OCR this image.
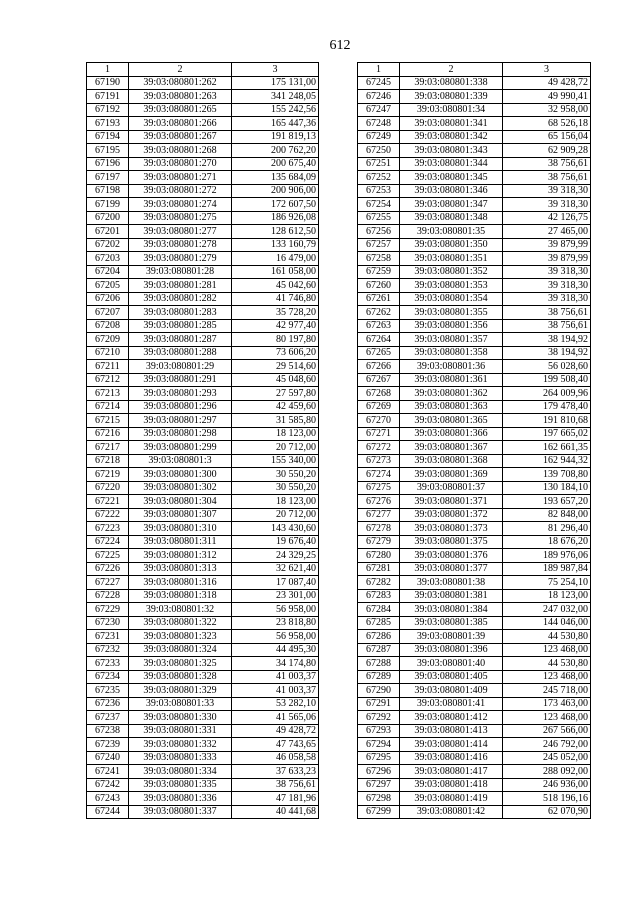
612
1	2	3
67190	39:03:080801:262	175 131,00
67191	39:03:080801:263	341 248,05
67192	39:03:080801:265	155 242,56
67193	39:03:080801:266	165 447,36
67194	39:03:080801:267	191 819,13
67195	39:03:080801:268	200 762,20
67196	39:03:080801:270	200 675,40
67197	39:03:080801:271	135 684,09
67198	39:03:080801:272	200 906,00
67199	39:03:080801:274	172 607,50
67200	39:03:080801:275	186 926,08
67201	39:03:080801:277	128 612,50
67202	39:03:080801:278	133 160,79
67203	39:03:080801:279	16 479,00
67204	39:03:080801:28	161 058,00
67205	39:03:080801:281	45 042,60
67206	39:03:080801:282	41 746,80
67207	39:03:080801:283	35 728,20
67208	39:03:080801:285	42 977,40
67209	39:03:080801:287	80 197,80
67210	39:03:080801:288	73 606,20
67211	39:03:080801:29	29 514,60
67212	39:03:080801:291	45 048,60
67213	39:03:080801:293	27 597,80
67214	39:03:080801:296	42 459,60
67215	39:03:080801:297	31 585,80
67216	39:03:080801:298	18 123,00
67217	39:03:080801:299	20 712,00
67218	39:03:080801:3	155 340,00
67219	39:03:080801:300	30 550,20
67220	39:03:080801:302	30 550,20
67221	39:03:080801:304	18 123,00
67222	39:03:080801:307	20 712,00
67223	39:03:080801:310	143 430,60
67224	39:03:080801:311	19 676,40
67225	39:03:080801:312	24 329,25
67226	39:03:080801:313	32 621,40
67227	39:03:080801:316	17 087,40
67228	39:03:080801:318	23 301,00
67229	39:03:080801:32	56 958,00
67230	39:03:080801:322	23 818,80
67231	39:03:080801:323	56 958,00
67232	39:03:080801:324	44 495,30
67233	39:03:080801:325	34 174,80
67234	39:03:080801:328	41 003,37
67235	39:03:080801:329	41 003,37
67236	39:03:080801:33	53 282,10
67237	39:03:080801:330	41 565,06
67238	39:03:080801:331	49 428,72
67239	39:03:080801:332	47 743,65
67240	39:03:080801:333	46 058,58
67241	39:03:080801:334	37 633,23
67242	39:03:080801:335	38 756,61
67243	39:03:080801:336	47 181,96
67244	39:03:080801:337	40 441,68
1	2	3
67245	39:03:080801:338	49 428,72
67246	39:03:080801:339	49 990,41
67247	39:03:080801:34	32 958,00
67248	39:03:080801:341	68 526,18
67249	39:03:080801:342	65 156,04
67250	39:03:080801:343	62 909,28
67251	39:03:080801:344	38 756,61
67252	39:03:080801:345	38 756,61
67253	39:03:080801:346	39 318,30
67254	39:03:080801:347	39 318,30
67255	39:03:080801:348	42 126,75
67256	39:03:080801:35	27 465,00
67257	39:03:080801:350	39 879,99
67258	39:03:080801:351	39 879,99
67259	39:03:080801:352	39 318,30
67260	39:03:080801:353	39 318,30
67261	39:03:080801:354	39 318,30
67262	39:03:080801:355	38 756,61
67263	39:03:080801:356	38 756,61
67264	39:03:080801:357	38 194,92
67265	39:03:080801:358	38 194,92
67266	39:03:080801:36	56 028,60
67267	39:03:080801:361	199 508,40
67268	39:03:080801:362	264 009,96
67269	39:03:080801:363	179 478,40
67270	39:03:080801:365	191 810,68
67271	39:03:080801:366	197 665,02
67272	39:03:080801:367	162 661,35
67273	39:03:080801:368	162 944,32
67274	39:03:080801:369	139 708,80
67275	39:03:080801:37	130 184,10
67276	39:03:080801:371	193 657,20
67277	39:03:080801:372	82 848,00
67278	39:03:080801:373	81 296,40
67279	39:03:080801:375	18 676,20
67280	39:03:080801:376	189 976,06
67281	39:03:080801:377	189 987,84
67282	39:03:080801:38	75 254,10
67283	39:03:080801:381	18 123,00
67284	39:03:080801:384	247 032,00
67285	39:03:080801:385	144 046,00
67286	39:03:080801:39	44 530,80
67287	39:03:080801:396	123 468,00
67288	39:03:080801:40	44 530,80
67289	39:03:080801:405	123 468,00
67290	39:03:080801:409	245 718,00
67291	39:03:080801:41	173 463,00
67292	39:03:080801:412	123 468,00
67293	39:03:080801:413	267 566,00
67294	39:03:080801:414	246 792,00
67295	39:03:080801:416	245 052,00
67296	39:03:080801:417	288 092,00
67297	39:03:080801:418	246 936,00
67298	39:03:080801:419	518 196,16
67299	39:03:080801:42	62 070,90
